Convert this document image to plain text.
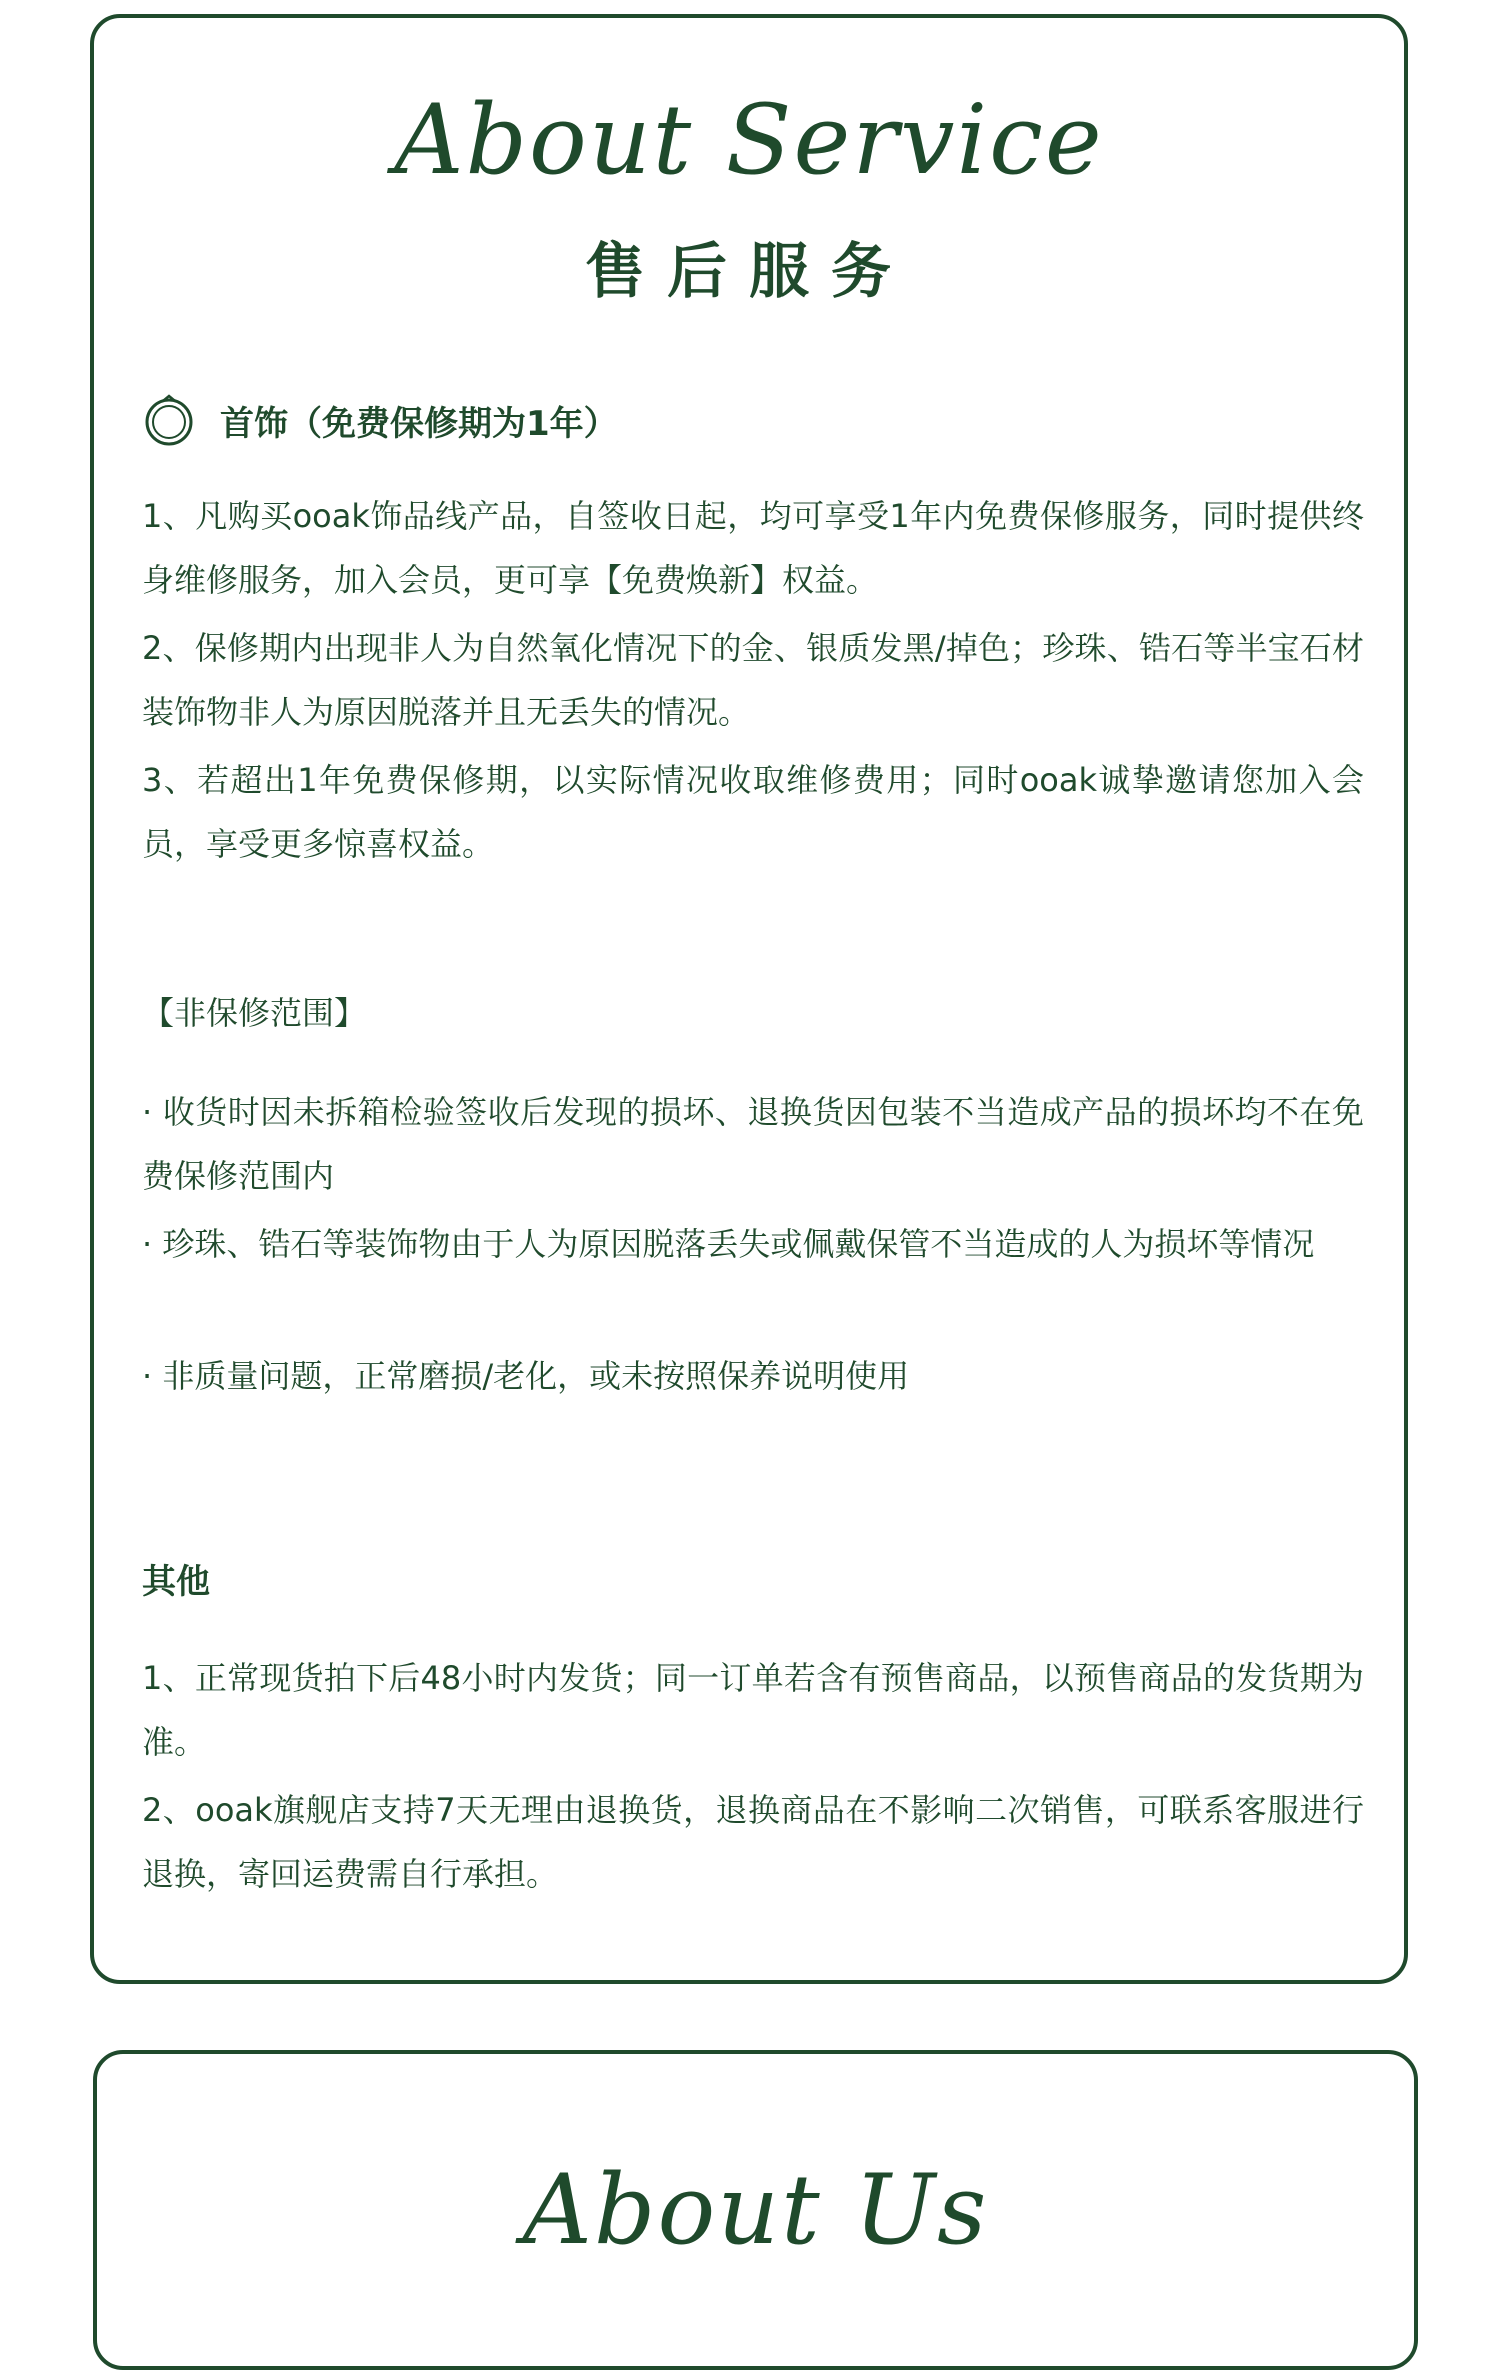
About Service
售后服务
首饰（免费保修期为1年）

1、凡购买ooak饰品线产品，自签收日起，均可享受1年内免费保修服务，同时提供终身维修服务，加入会员，更可享【免费焕新】权益。

2、保修期内出现非人为自然氧化情况下的金、银质发黑/掉色；珍珠、锆石等半宝石材装饰物非人为原因脱落并且无丢失的情况。

3、若超出1年免费保修期，以实际情况收取维修费用；同时ooak诚挚邀请您加入会员，享受更多惊喜权益。

【非保修范围】

· 收货时因未拆箱检验签收后发现的损坏、退换货因包装不当造成产品的损坏均不在免费保修范围内

· 珍珠、锆石等装饰物由于人为原因脱落丢失或佩戴保管不当造成的人为损坏等情况

· 非质量问题，正常磨损/老化，或未按照保养说明使用

其他

1、正常现货拍下后48小时内发货；同一订单若含有预售商品，以预售商品的发货期为准。

2、ooak旗舰店支持7天无理由退换货，退换商品在不影响二次销售，可联系客服进行退换，寄回运费需自行承担。

About Us
